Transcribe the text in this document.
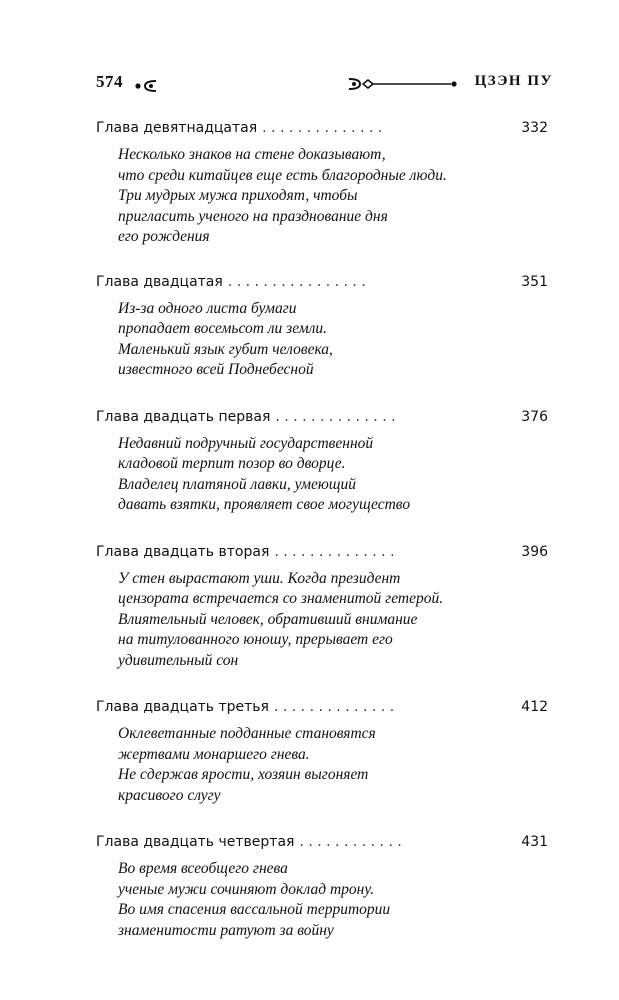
574	ЦЗЭН ПУ
Глава девятнадцатая . . .	332
Несколько знаков на стене доказывают,
что среди китайцев еще есть благородные люди.
Три мудрых мужа приходят, чтобы
пригласить ученого на празднование дня
его рождения
Глава двадцатая . . .	351
Из-за одного листа бумаги
пропадает восемьсот ли земли.
Маленький язык губит человека,
известного всей Поднебесной
Глава двадцать первая . . .	376
Недавний подручный государственной
кладовой терпит позор во дворце.
Владелец платяной лавки, умеющий
давать взятки, проявляет свое могущество
Глава двадцать вторая . . .	396
У стен вырастают уши. Когда президент
цензората встречается со знаменитой гетерой.
Влиятельный человек, обративший внимание
на титулованного юношу, прерывает его
удивительный сон
Глава двадцать третья . . .	412
Оклеветанные подданные становятся
жертвами монаршего гнева.
Не сдержав ярости, хозяин выгоняет
красивого слугу
Глава двадцать четвертая . . .	431
Во время всеобщего гнева
ученые мужи сочиняют доклад трону.
Во имя спасения вассальной территории
знаменитости ратуют за войну
